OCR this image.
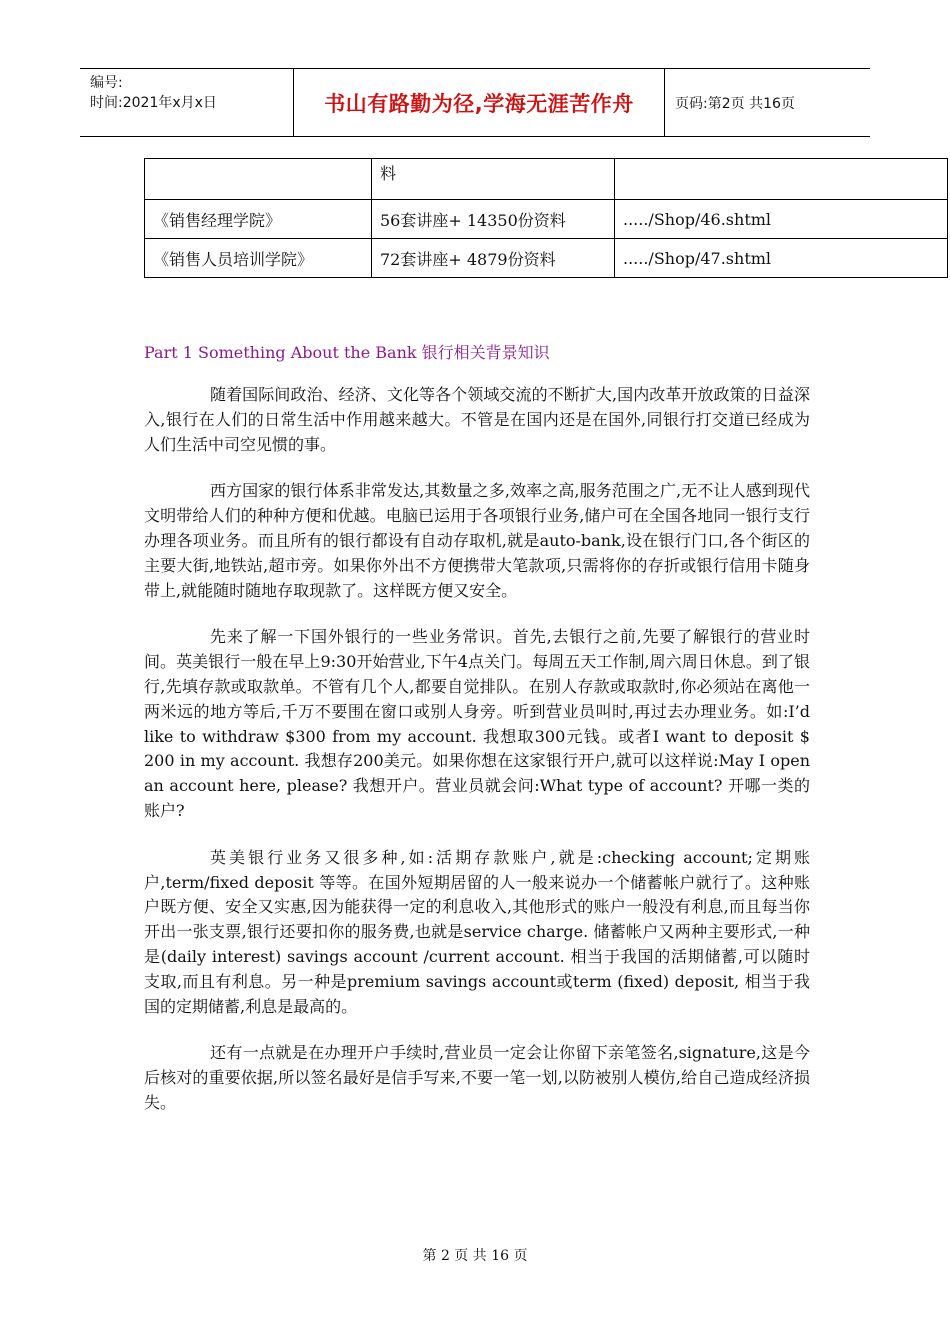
编号:
时间:2021年x月x日	书山有路勤为径,学海无涯苦作舟	页码:第2页 共16页
	料	
《销售经理学院》	56套讲座+ 14350份资料	...../Shop/46.shtml
《销售人员培训学院》	72套讲座+ 4879份资料	...../Shop/47.shtml
Part 1 Something About the Bank 银行相关背景知识

随着国际间政治、经济、文化等各个领域交流的不断扩大,国内改革开放政策的日益深入,银行在人们的日常生活中作用越来越大。不管是在国内还是在国外,同银行打交道已经成为人们生活中司空见惯的事。

西方国家的银行体系非常发达,其数量之多,效率之高,服务范围之广,无不让人感到现代文明带给人们的种种方便和优越。电脑已运用于各项银行业务,储户可在全国各地同一银行支行办理各项业务。而且所有的银行都设有自动存取机,就是auto-bank,设在银行门口,各个街区的主要大街,地铁站,超市旁。如果你外出不方便携带大笔款项,只需将你的存折或银行信用卡随身带上,就能随时随地存取现款了。这样既方便又安全。

先来了解一下国外银行的一些业务常识。首先,去银行之前,先要了解银行的营业时间。英美银行一般在早上9:30开始营业,下午4点关门。每周五天工作制,周六周日休息。到了银行,先填存款或取款单。不管有几个人,都要自觉排队。在别人存款或取款时,你必须站在离他一两米远的地方等后,千万不要围在窗口或别人身旁。听到营业员叫时,再过去办理业务。如:I’d like to withdraw $300 from my account. 我想取300元钱。或者I want to deposit $ 200 in my account. 我想存200美元。如果你想在这家银行开户,就可以这样说:May I open an account here, please? 我想开户。营业员就会问:What type of account? 开哪一类的账户?

英美银行业务又很多种,如:活期存款账户,就是:checking account;定期账户,term/fixed deposit 等等。在国外短期居留的人一般来说办一个储蓄帐户就行了。这种账户既方便、安全又实惠,因为能获得一定的利息收入,其他形式的账户一般没有利息,而且每当你开出一张支票,银行还要扣你的服务费,也就是service charge. 储蓄帐户又两种主要形式,一种是(daily interest) savings account /current account. 相当于我国的活期储蓄,可以随时支取,而且有利息。另一种是premium savings account或term (fixed) deposit, 相当于我国的定期储蓄,利息是最高的。

还有一点就是在办理开户手续时,营业员一定会让你留下亲笔签名,signature,这是今后核对的重要依据,所以签名最好是信手写来,不要一笔一划,以防被别人模仿,给自己造成经济损失。

第 2 页 共 16 页
